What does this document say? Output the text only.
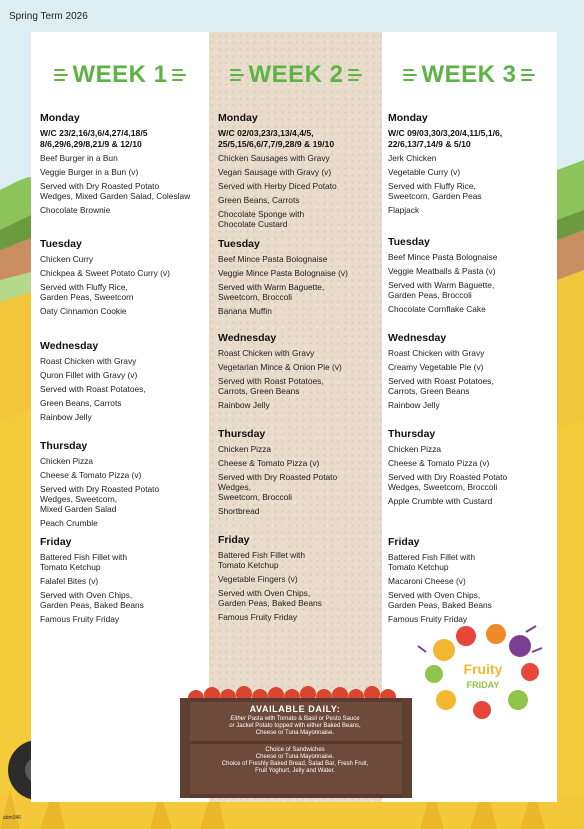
Spring Term 2026
WEEK 1	WEEK 2	WEEK 3
Monday
W/C 23/2,16/3,6/4,27/4,18/5
8/6,29/6,29/8,21/9 & 12/10
Beef Burger in a Bun
Veggie Burger in a Bun (v)
Served with Dry Roasted Potato
Wedges, Mixed Garden Salad, Coleslaw
Chocolate Brownie
Tuesday
Chicken Curry
Chickpea & Sweet Potato Curry (v)
Served with Fluffy Rice,
Garden Peas, Sweetcorn
Oaty Cinnamon Cookie
Wednesday
Roast Chicken with Gravy
Quron Fillet with Gravy (v)
Served with Roast Potatoes,
Green Beans, Carrots
Rainbow Jelly
Thursday
Chicken Pizza
Cheese & Tomato Pizza (v)
Served with Dry Roasted Potato
Wedges, Sweetcorn,
Mixed Garden Salad
Peach Crumble
Friday
Battered Fish Fillet with
Tomato Ketchup
Falafel Bites (v)
Served with Oven Chips,
Garden Peas, Baked Beans
Famous Fruity Friday
Monday
W/C 02/03,23/3,13/4,4/5,
25/5,15/6,6/7,7/9,28/9 & 19/10
Chicken Sausages with Gravy
Vegan Sausage with Gravy (v)
Served with Herby Diced Potato
Green Beans, Carrots
Chocolate Sponge with
Chocolate Custard
Tuesday
Beef Mince Pasta Bolognaise
Veggie Mince Pasta Bolognaise (v)
Served with Warm Baguette,
Sweetcorn, Broccoli
Banana Muffin
Wednesday
Roast Chicken with Gravy
Vegetarian Mince & Onion Pie (v)
Served with Roast Potatoes,
Carrots, Green Beans
Rainbow Jelly
Thursday
Chicken Pizza
Cheese & Tomato Pizza (v)
Served with Dry Roasted Potato
Wedges,
Sweetcorn, Broccoli
Shortbread
Friday
Battered Fish Fillet with
Tomato Ketchup
Vegetable Fingers (v)
Served with Oven Chips,
Garden Peas, Baked Beans
Famous Fruity Friday
Monday
W/C 09/03,30/3,20/4,11/5,1/6,
22/6,13/7,14/9 & 5/10
Jerk Chicken
Vegetable Curry (v)
Served with Fluffy Rice,
Sweetcorn, Garden Peas
Flapjack
Tuesday
Beef Mince Pasta Bolognaise
Veggie Meatballs & Pasta (v)
Served with Warm Baguette,
Garden Peas, Broccoli
Chocolate Cornflake Cake
Wednesday
Roast Chicken with Gravy
Creamy Vegetable Pie (v)
Served with Roast Potatoes,
Carrots, Green Beans
Rainbow Jelly
Thursday
Chicken Pizza
Cheese & Tomato Pizza (v)
Served with Dry Roasted Potato
Wedges, Sweetcorn, Broccoli
Apple Crumble with Custard
Friday
Battered Fish Fillet with
Tomato Ketchup
Macaroni Cheese (v)
Served with Oven Chips,
Garden Peas, Baked Beans
Famous Fruity Friday
AVAILABLE DAILY:
Either Pasta with Tomato & Basil or Pesto Sauce
or Jacket Potato topped with either Baked Beans,
Cheese or Tuna Mayonnaise.
Choice of Sandwiches
Cheese or Tuna Mayonnaise.
Choice of Freshly Baked Bread, Salad Bar, Fresh Fruit,
Fruit Yoghurt, Jelly and Water.
Fruity
FRIDAY
abm346
